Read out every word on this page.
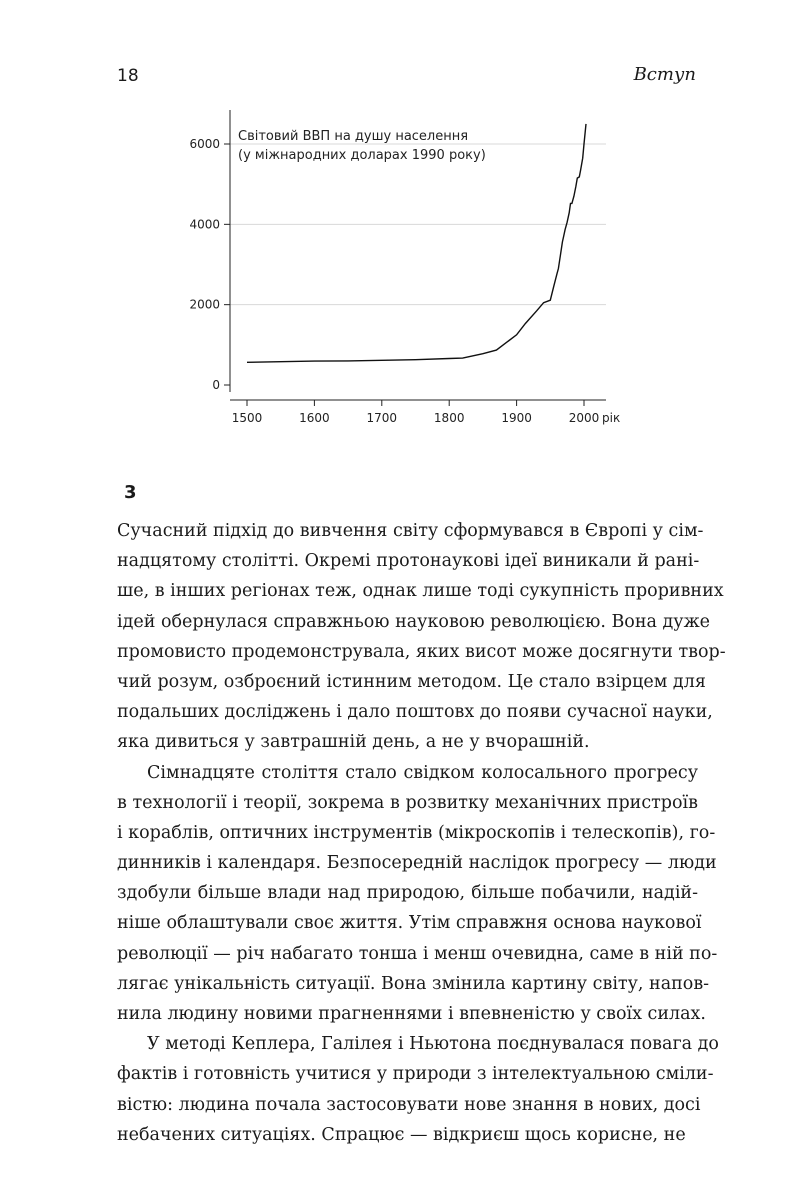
18	Вступ
0
2000
4000
6000
1500	1600	1700	1800	1900	2000 рік
Світовий ВВП на душу населення
(у міжнародних доларах 1990 року)
3
Сучасний підхід до вивчення світу сформувався в Європі у сім-
надцятому столітті. Окремі протонаукові ідеї виникали й рані-
ше, в інших регіонах теж, однак лише тоді сукупність проривних
ідей обернулася справжньою науковою революцією. Вона дуже
промовисто продемонструвала, яких висот може досягнути твор-
чий розум, озброєний істинним методом. Це стало взірцем для
подальших досліджень і дало поштовх до появи сучасної науки,
яка дивиться у завтрашній день, а не у вчорашній.
Сімнадцяте століття стало свідком колосального прогресу
в технології і теорії, зокрема в розвитку механічних пристроїв
і кораблів, оптичних інструментів (мікроскопів і телескопів), го-
динників і календаря. Безпосередній наслідок прогресу — люди
здобули більше влади над природою, більше побачили, надій-
ніше облаштували своє життя. Утім справжня основа наукової
революції — річ набагато тонша і менш очевидна, саме в ній по-
лягає унікальність ситуації. Вона змінила картину світу, напов-
нила людину новими прагненнями і впевненістю у своїх силах.
У методі Кеплера, Галілея і Ньютона поєднувалася повага до
фактів і готовність учитися у природи з інтелектуальною сміли-
вістю: людина почала застосовувати нове знання в нових, досі
небачених ситуаціях. Спрацює — відкриєш щось корисне, не
